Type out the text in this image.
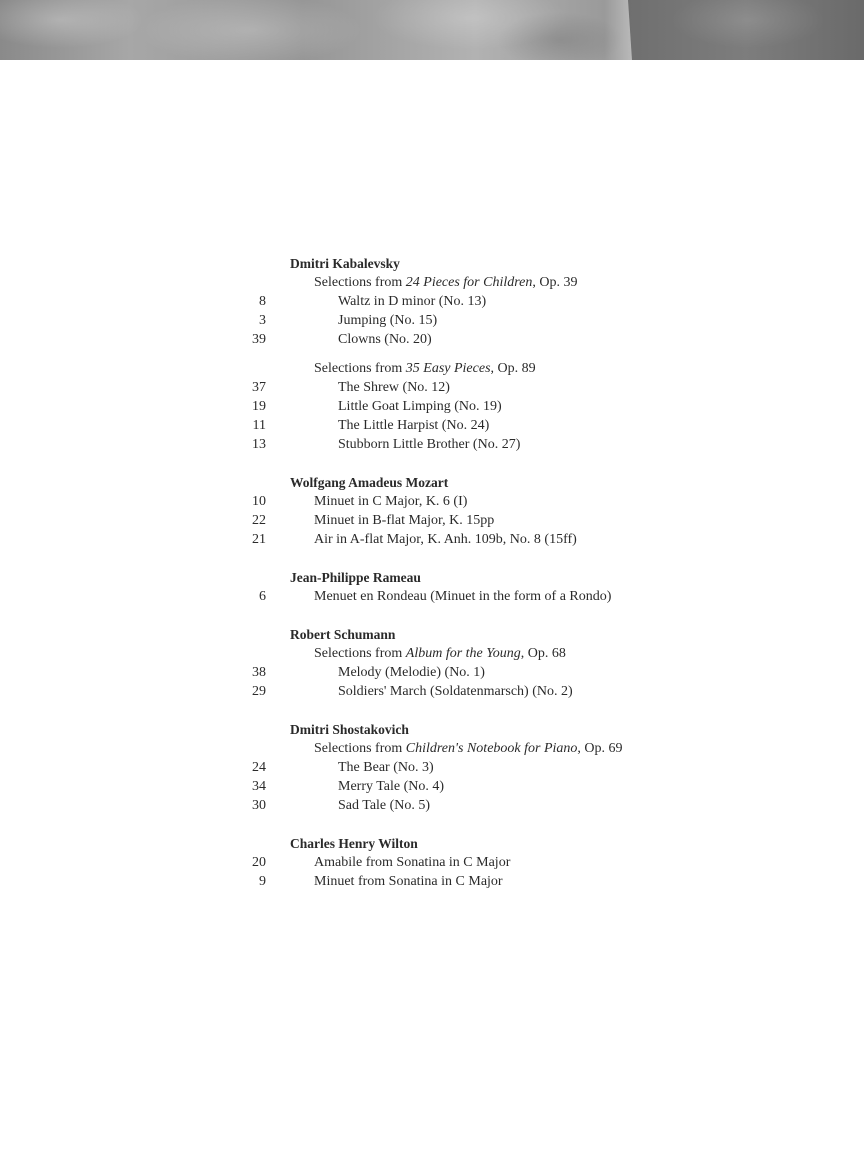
Dmitri Kabalevsky
Selections from 24 Pieces for Children, Op. 39
8	Waltz in D minor (No. 13)
3	Jumping (No. 15)
39	Clowns (No. 20)
Selections from 35 Easy Pieces, Op. 89
37	The Shrew (No. 12)
19	Little Goat Limping (No. 19)
11	The Little Harpist (No. 24)
13	Stubborn Little Brother (No. 27)
Wolfgang Amadeus Mozart
10	Minuet in C Major, K. 6 (I)
22	Minuet in B-flat Major, K. 15pp
21	Air in A-flat Major, K. Anh. 109b, No. 8 (15ff)
Jean-Philippe Rameau
6	Menuet en Rondeau (Minuet in the form of a Rondo)
Robert Schumann
Selections from Album for the Young, Op. 68
38	Melody (Melodie) (No. 1)
29	Soldiers' March (Soldatenmarsch) (No. 2)
Dmitri Shostakovich
Selections from Children's Notebook for Piano, Op. 69
24	The Bear (No. 3)
34	Merry Tale (No. 4)
30	Sad Tale (No. 5)
Charles Henry Wilton
20	Amabile from Sonatina in C Major
9	Minuet from Sonatina in C Major
